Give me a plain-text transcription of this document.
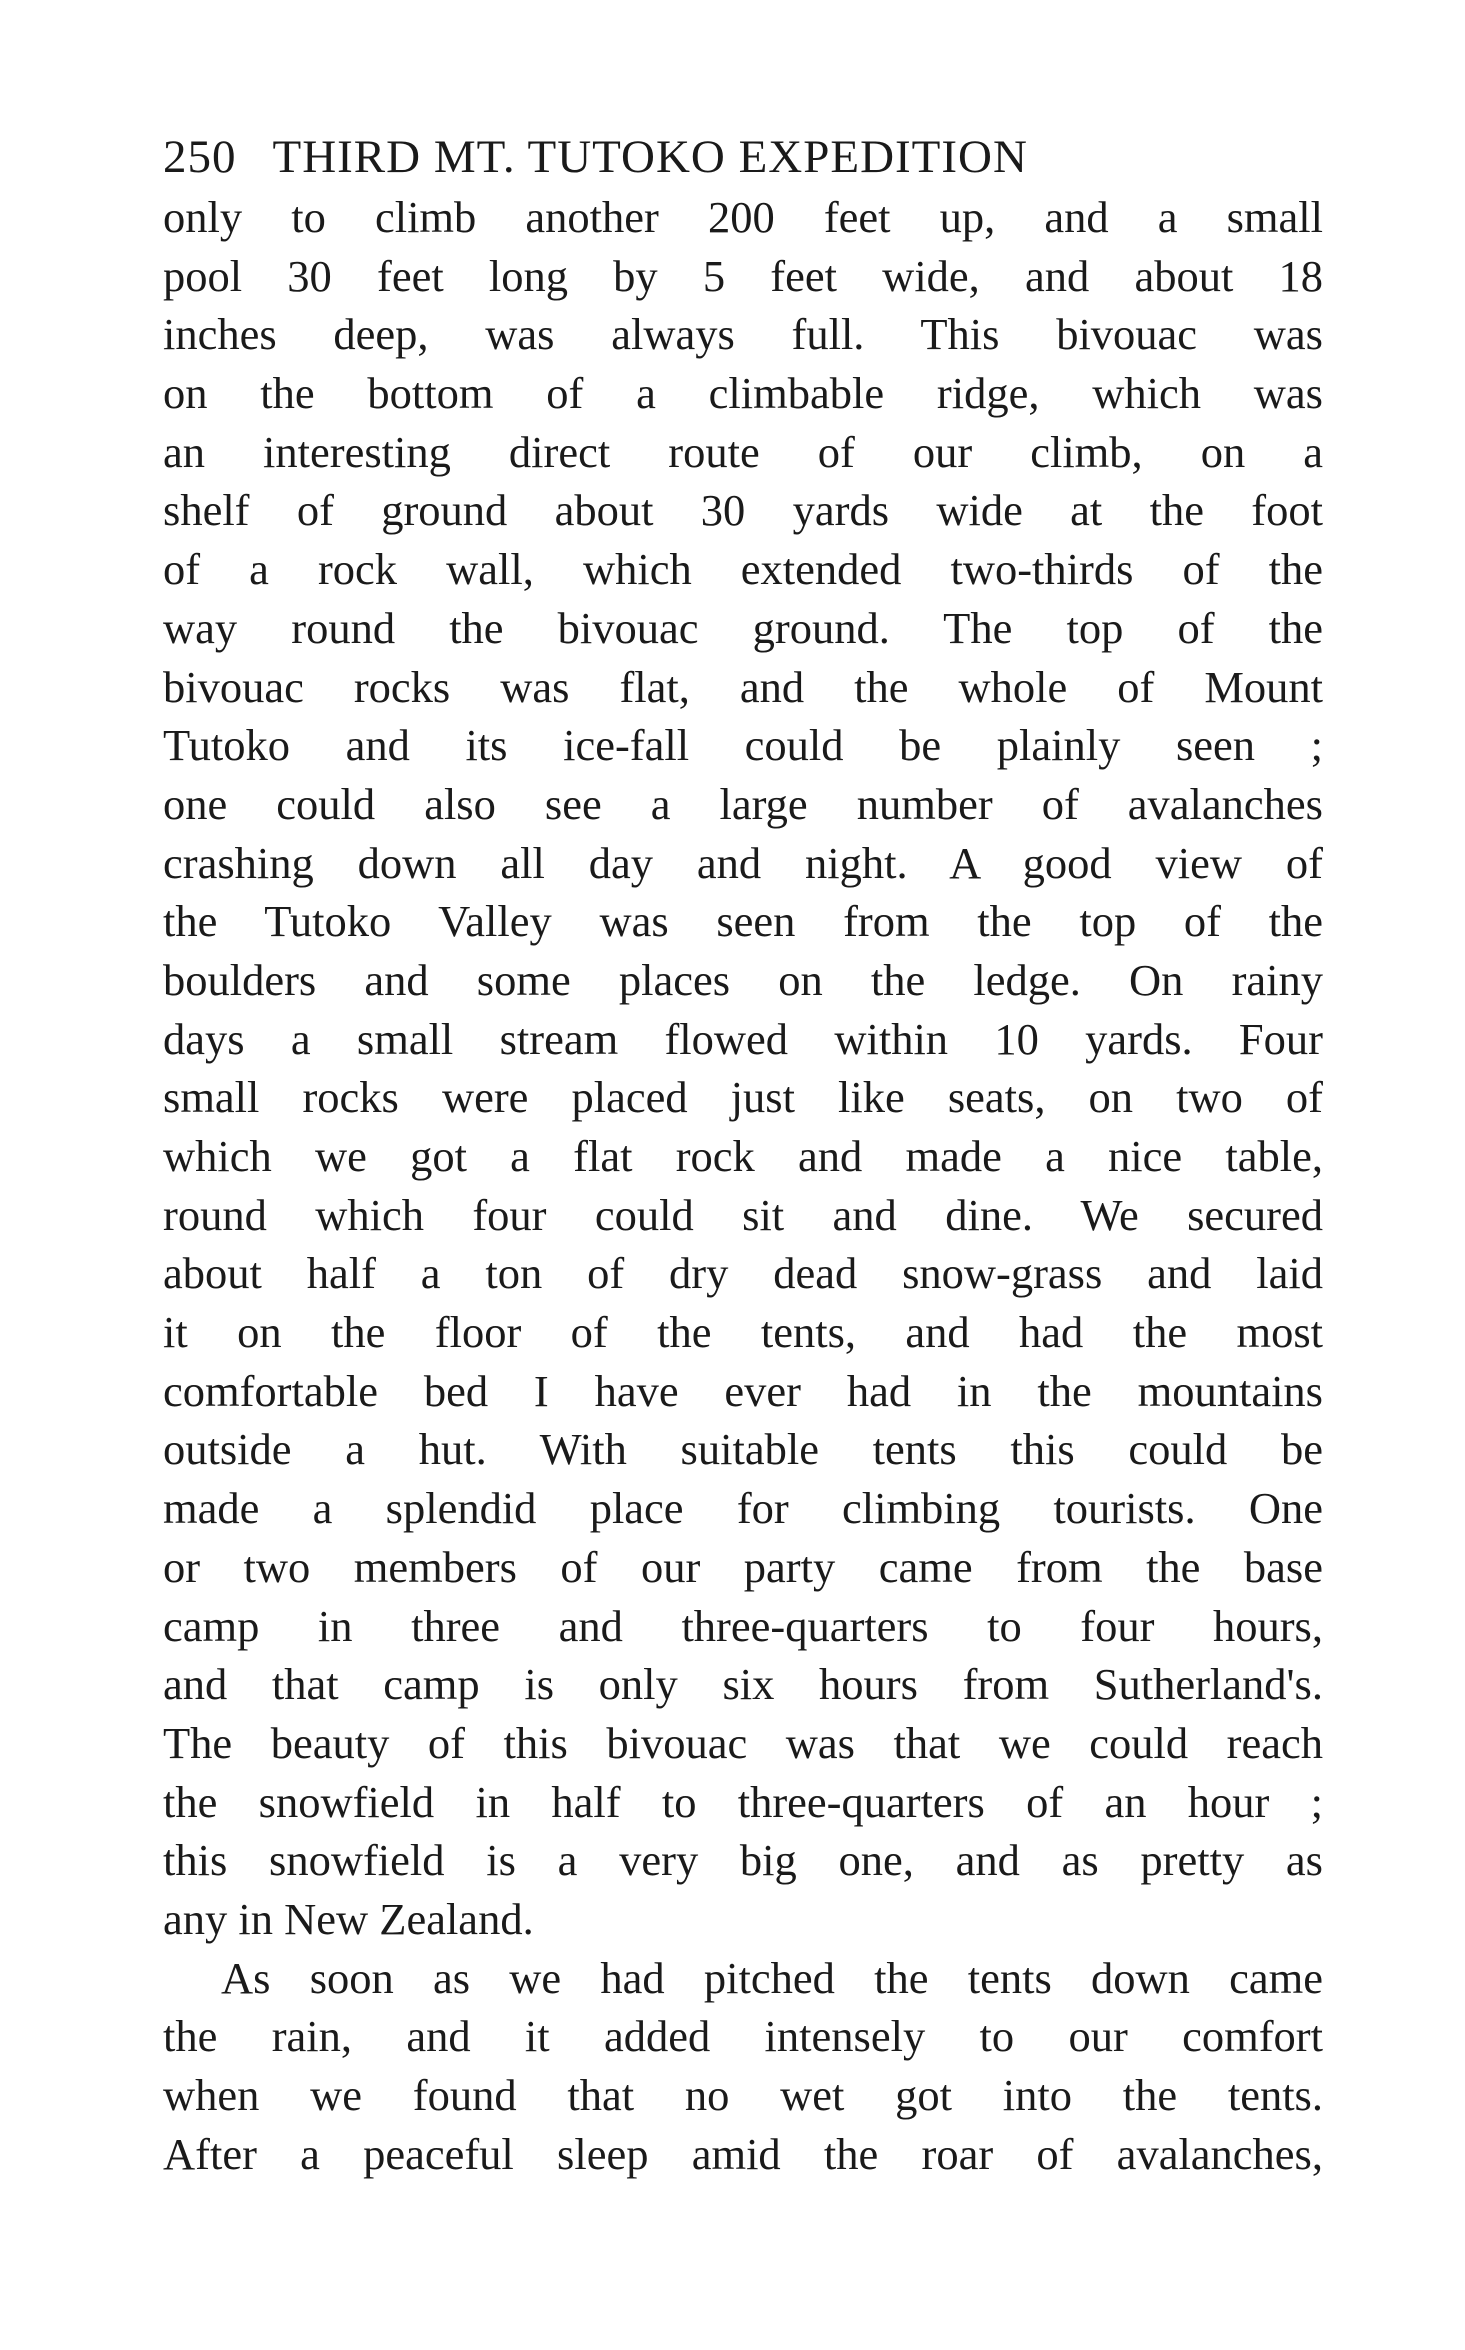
250 THIRD MT. TUTOKO EXPEDITION
only to climb another 200 feet up, and a small
pool 30 feet long by 5 feet wide, and about 18
inches deep, was always full. This bivouac was
on the bottom of a climbable ridge, which was
an interesting direct route of our climb, on a
shelf of ground about 30 yards wide at the foot
of a rock wall, which extended two-thirds of the
way round the bivouac ground. The top of the
bivouac rocks was flat, and the whole of Mount
Tutoko and its ice-fall could be plainly seen ;
one could also see a large number of avalanches
crashing down all day and night. A good view of
the Tutoko Valley was seen from the top of the
boulders and some places on the ledge. On rainy
days a small stream flowed within 10 yards. Four
small rocks were placed just like seats, on two of
which we got a flat rock and made a nice table,
round which four could sit and dine. We secured
about half a ton of dry dead snow-grass and laid
it on the floor of the tents, and had the most
comfortable bed I have ever had in the mountains
outside a hut. With suitable tents this could be
made a splendid place for climbing tourists. One
or two members of our party came from the base
camp in three and three-quarters to four hours,
and that camp is only six hours from Sutherland's.
The beauty of this bivouac was that we could reach
the snowfield in half to three-quarters of an hour ;
this snowfield is a very big one, and as pretty as
any in New Zealand.
As soon as we had pitched the tents down came
the rain, and it added intensely to our comfort
when we found that no wet got into the tents.
After a peaceful sleep amid the roar of avalanches,
